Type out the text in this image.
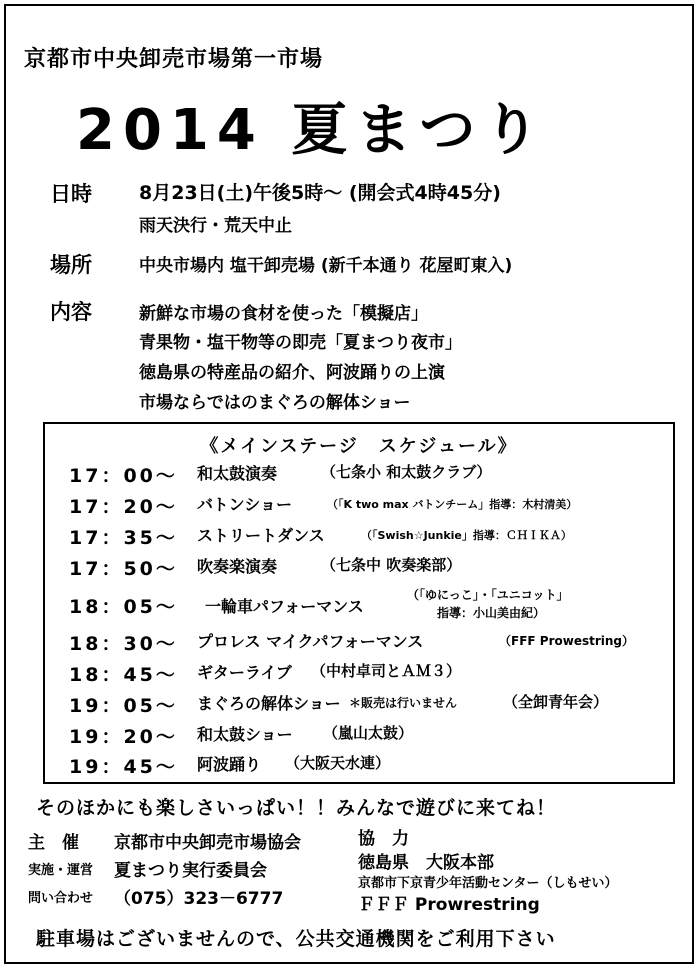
京都市中央卸売市場第一市場
2014 夏まつり
日時 8月23日(土)午後5時～ (開会式4時45分)
雨天決行・荒天中止
場所	中央市場内 塩干卸売場 (新千本通り 花屋町東入)
内容	新鮮な市場の食材を使った「模擬店」
青果物・塩干物等の即売「夏まつり夜市」
徳島県の特産品の紹介、阿波踊りの上演
市場ならではのまぐろの解体ショー
《メインステージ　スケジュール》
17：00～ 和太鼓演奏	（七条小 和太鼓クラブ）
17：20～ バトンショー	（「K two max バトンチーム」指導：木村清美）
17：35～ ストリートダンス	（「Swish☆Junkie」指導：ＣＨＩＫＡ）
17：50～ 吹奏楽演奏	（七条中 吹奏楽部）
18：05～ 一輪車パフォーマンス
（「ゆにっこ」・「ユニコット」
指導：小山美由紀）
18：30～ プロレス マイクパフォーマンス	（FFF Prowestring）
18：45～ ギターライブ （中村卓司とＡＭ３）
19：05～ まぐろの解体ショー ＊販売は行いません	（全卸青年会）
19：20～ 和太鼓ショー （嵐山太鼓）
19：45～ 阿波踊り （大阪天水連）
そのほかにも楽しさいっぱい！！みんなで遊びに来てね！
主　催 京都市中央卸売市場協会
実施・運営 夏まつり実行委員会
問い合わせ （075）323－6777
協　力
徳島県　大阪本部
京都市下京青少年活動センター（しもせい）
ＦＦＦ Prowrestring
駐車場はございませんので、公共交通機関をご利用下さい
